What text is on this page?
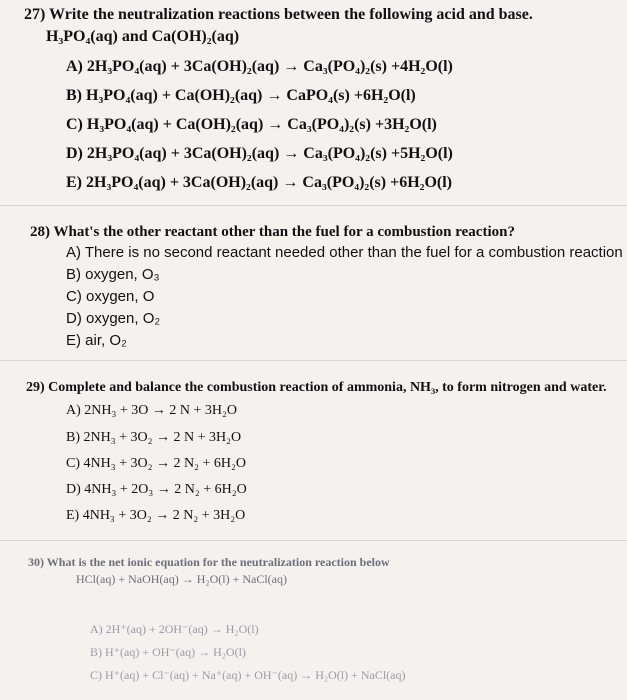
27) Write the neutralization reactions between the following acid and base.
H₃PO₄(aq) and Ca(OH)₂(aq)
A) 2H₃PO₄(aq) + 3Ca(OH)₂(aq) → Ca₃(PO₄)₂(s) +4H₂O(l)
B) H₃PO₄(aq) + Ca(OH)₂(aq) → CaPO₄(s) +6H₂O(l)
C) H₃PO₄(aq) + Ca(OH)₂(aq) → Ca₃(PO₄)₂(s) +3H₂O(l)
D) 2H₃PO₄(aq) + 3Ca(OH)₂(aq) → Ca₃(PO₄)₂(s) +5H₂O(l)
E) 2H₃PO₄(aq) + 3Ca(OH)₂(aq) → Ca₃(PO₄)₂(s) +6H₂O(l)
28) What's the other reactant other than the fuel for a combustion reaction?
A) There is no second reactant needed other than the fuel for a combustion reaction
B) oxygen, O₃
C) oxygen, O
D) oxygen, O₂
E) air, O₂
29) Complete and balance the combustion reaction of ammonia, NH₃, to form nitrogen and water.
A) 2NH₃ + 3O → 2 N + 3H₂O
B) 2NH₃ + 3O₂ → 2 N + 3H₂O
C) 4NH₃ + 3O₂ → 2 N₂ + 6H₂O
D) 4NH₃ + 2O₃ → 2 N₂ + 6H₂O
E) 4NH₃ + 3O₂ → 2 N₂ + 3H₂O
30) What is the net ionic equation for the neutralization reaction below
HCl(aq) + NaOH(aq) → H₂O(l) + NaCl(aq)
A) 2H⁺(aq) + 2OH⁻(aq) → H₂O(l)
B) H⁺(aq) + OH⁻(aq) → H₂O(l)
C) H⁺(aq) + Cl⁻(aq) + Na⁺(aq) + OH⁻(aq) → H₂O(l) + NaCl(aq)
